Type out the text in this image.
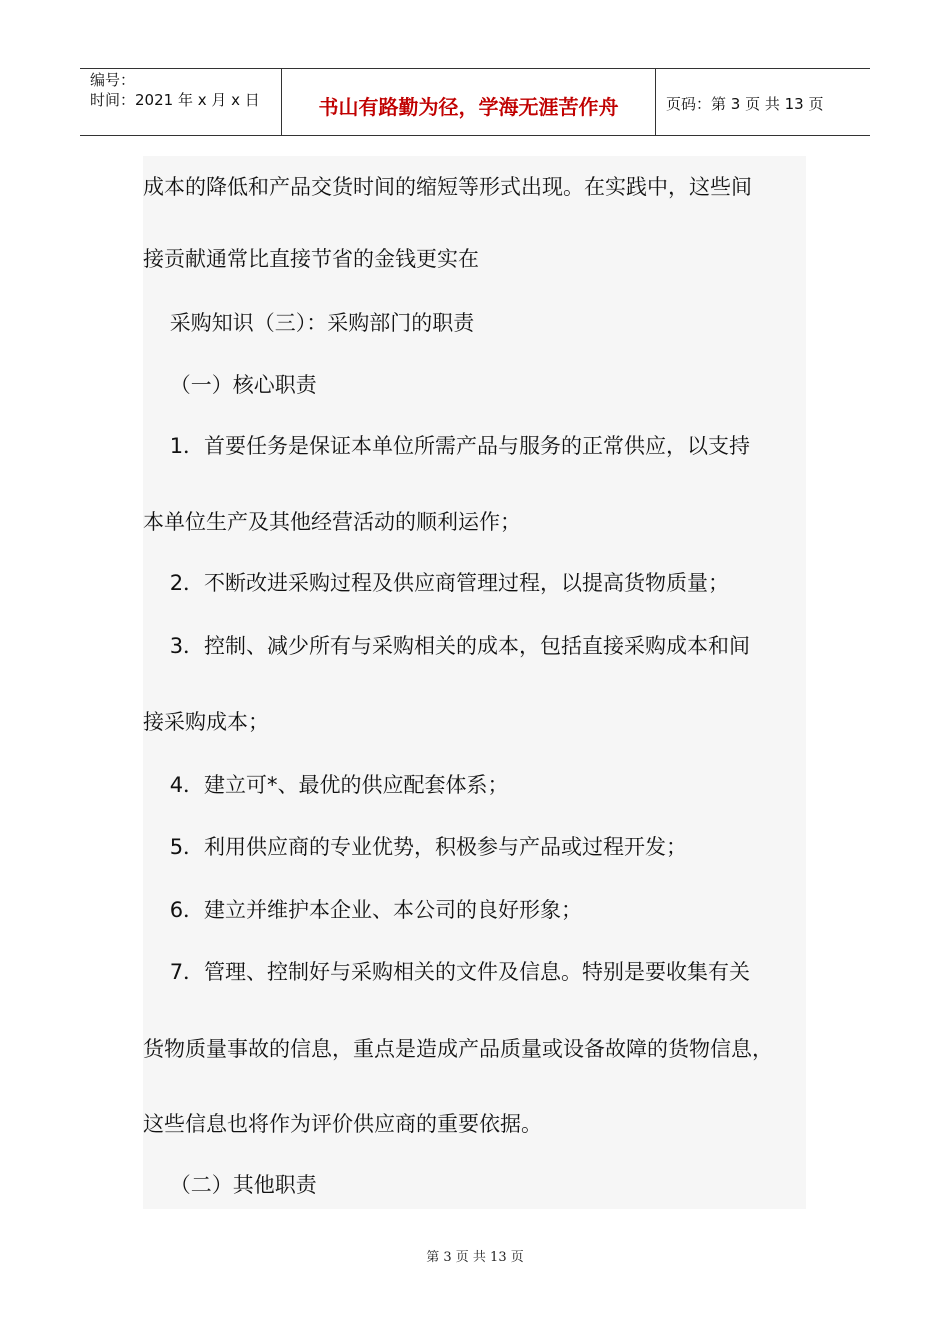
编号：
时间：2021 年 x 月 x 日	书山有路勤为径，学海无涯苦作舟	页码：第 3 页 共 13 页
成本的降低和产品交货时间的缩短等形式出现。在实践中，这些间
接贡献通常比直接节省的金钱更实在
采购知识（三）：采购部门的职责
（一）核心职责
1．首要任务是保证本单位所需产品与服务的正常供应，以支持
本单位生产及其他经营活动的顺利运作；
2．不断改进采购过程及供应商管理过程，以提高货物质量；
3．控制、减少所有与采购相关的成本，包括直接采购成本和间
接采购成本；
4．建立可*、最优的供应配套体系；
5．利用供应商的专业优势，积极参与产品或过程开发；
6．建立并维护本企业、本公司的良好形象；
7．管理、控制好与采购相关的文件及信息。特别是要收集有关
货物质量事故的信息，重点是造成产品质量或设备故障的货物信息，
这些信息也将作为评价供应商的重要依据。
（二）其他职责
第 3 页 共 13 页
